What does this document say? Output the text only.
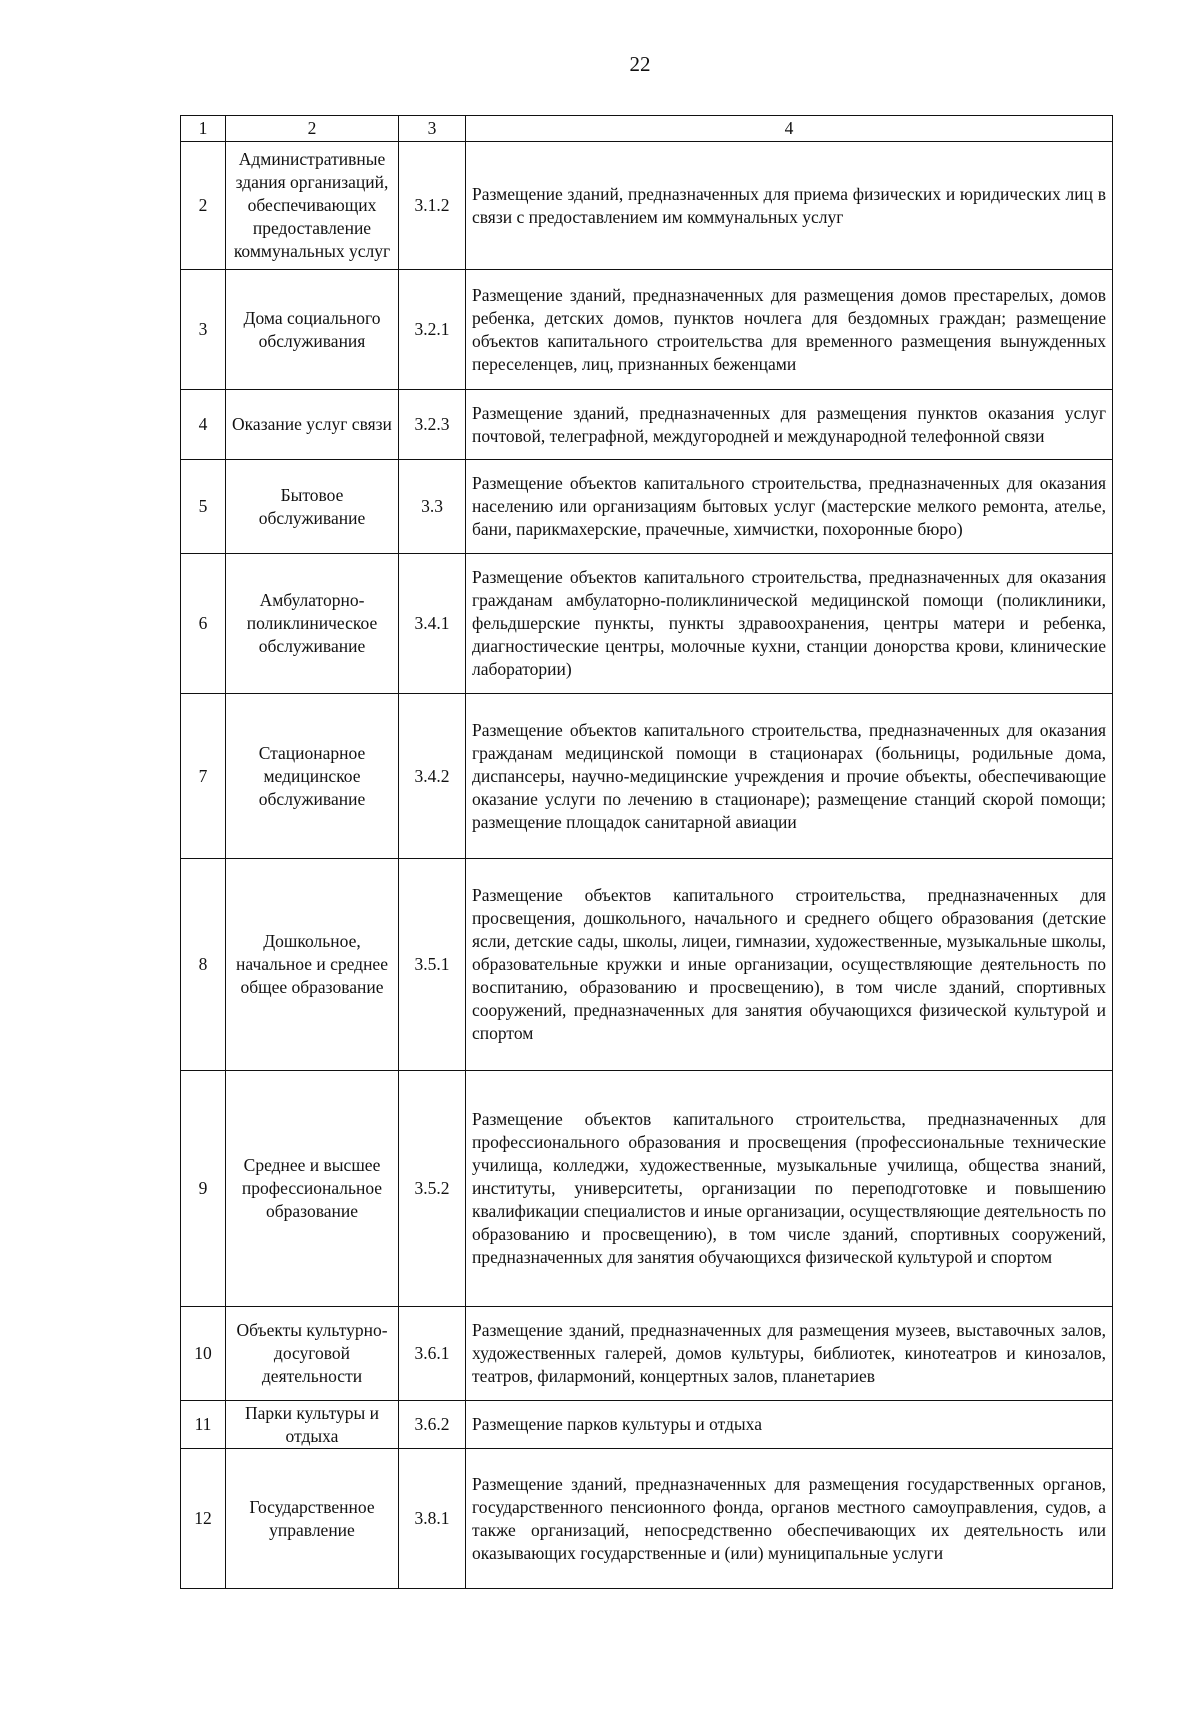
22
1	2	3	4
2	Административные здания организаций, обеспечивающих предоставление коммунальных услуг	3.1.2	Размещение зданий, предназначенных для приема физических и юридических лиц в связи с предоставлением им коммунальных услуг
3	Дома социального обслуживания	3.2.1	Размещение зданий, предназначенных для размещения домов престарелых, домов ребенка, детских домов, пунктов ночлега для бездомных граждан; размещение объектов капитального строительства для временного размещения вынужденных переселенцев, лиц, признанных беженцами
4	Оказание услуг связи	3.2.3	Размещение зданий, предназначенных для размещения пунктов оказания услуг почтовой, телеграфной, междугородней и международной телефонной связи
5	Бытовое обслуживание	3.3	Размещение объектов капитального строительства, предназначенных для оказания населению или организациям бытовых услуг (мастерские мелкого ремонта, ателье, бани, парикмахерские, прачечные, химчистки, похоронные бюро)
6	Амбулаторно-поликлиническое обслуживание	3.4.1	Размещение объектов капитального строительства, предназначенных для оказания гражданам амбулаторно-поликлинической медицинской помощи (поликлиники, фельдшерские пункты, пункты здравоохранения, центры матери и ребенка, диагностические центры, молочные кухни, станции донорства крови, клинические лаборатории)
7	Стационарное медицинское обслуживание	3.4.2	Размещение объектов капитального строительства, предназначенных для оказания гражданам медицинской помощи в стационарах (больницы, родильные дома, диспансеры, научно-медицинские учреждения и прочие объекты, обеспечивающие оказание услуги по лечению в стационаре); размещение станций скорой помощи; размещение площадок санитарной авиации
8	Дошкольное, начальное и среднее общее образование	3.5.1	Размещение объектов капитального строительства, предназначенных для просвещения, дошкольного, начального и среднего общего образования (детские ясли, детские сады, школы, лицеи, гимназии, художественные, музыкальные школы, образовательные кружки и иные организации, осуществляющие деятельность по воспитанию, образованию и просвещению), в том числе зданий, спортивных сооружений, предназначенных для занятия обучающихся физической культурой и спортом
9	Среднее и высшее профессиональное образование	3.5.2	Размещение объектов капитального строительства, предназначенных для профессионального образования и просвещения (профессиональные технические училища, колледжи, художественные, музыкальные училища, общества знаний, институты, университеты, организации по переподготовке и повышению квалификации специалистов и иные организации, осуществляющие деятельность по образованию и просвещению), в том числе зданий, спортивных сооружений, предназначенных для занятия обучающихся физической культурой и спортом
10	Объекты культурно-досуговой деятельности	3.6.1	Размещение зданий, предназначенных для размещения музеев, выставочных залов, художественных галерей, домов культуры, библиотек, кинотеатров и кинозалов, театров, филармоний, концертных залов, планетариев
11	Парки культуры и отдыха	3.6.2	Размещение парков культуры и отдыха
12	Государственное управление	3.8.1	Размещение зданий, предназначенных для размещения государственных органов, государственного пенсионного фонда, органов местного самоуправления, судов, а также организаций, непосредственно обеспечивающих их деятельность или оказывающих государственные и (или) муниципальные услуги
